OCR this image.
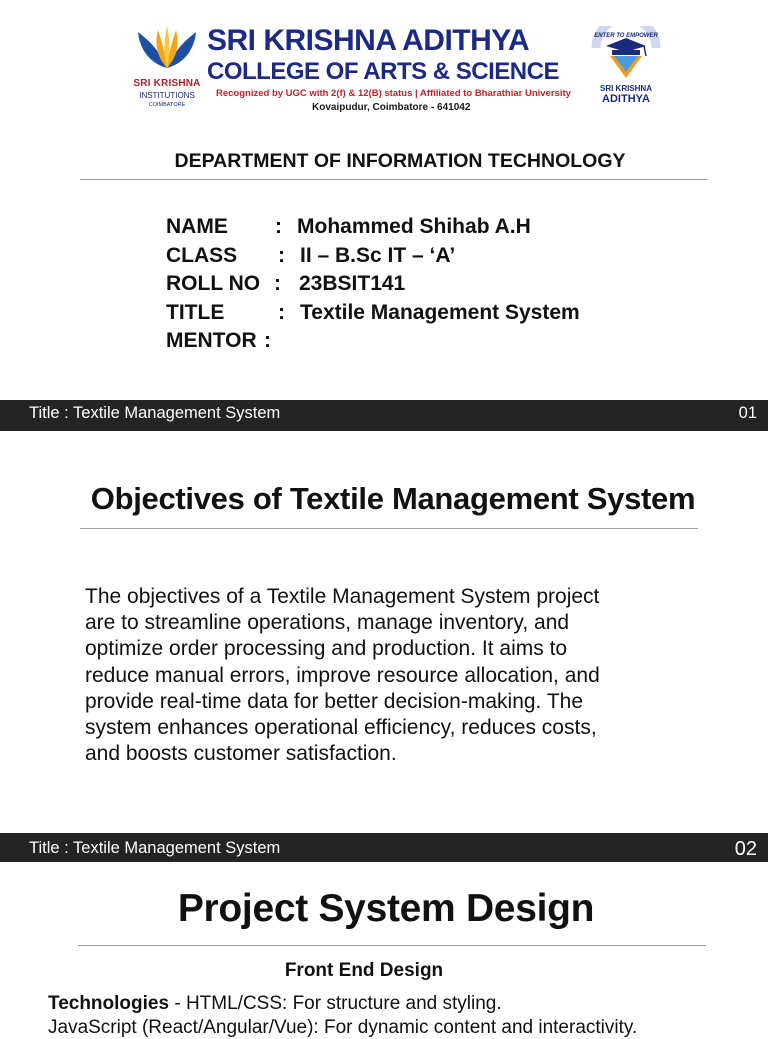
SRI KRISHNA
INSTITUTIONS
COIMBATORE
SRI KRISHNA ADITHYA
COLLEGE OF ARTS & SCIENCE
Recognized by UGC with 2(f) & 12(B) status | Affiliated to Bharathiar University
Kovaipudur, Coimbatore - 641042
ENTER TO EMPOWER
SRI KRISHNA
ADITHYA
DEPARTMENT OF INFORMATION TECHNOLOGY
NAME : Mohammed Shihab A.H
CLASS : II – B.Sc IT – ‘A’
ROLL NO : 23BSIT141
TITLE	: Textile Management System
MENTOR :
Title : Textile Management System	01
Objectives of Textile Management System
The objectives of a Textile Management System project
are to streamline operations, manage inventory, and
optimize order processing and production. It aims to
reduce manual errors, improve resource allocation, and
provide real-time data for better decision-making. The
system enhances operational efficiency, reduces costs,
and boosts customer satisfaction.
Title : Textile Management System	02
Project System Design
Front End Design
Technologies - HTML/CSS: For structure and styling.
JavaScript (React/Angular/Vue): For dynamic content and interactivity.
